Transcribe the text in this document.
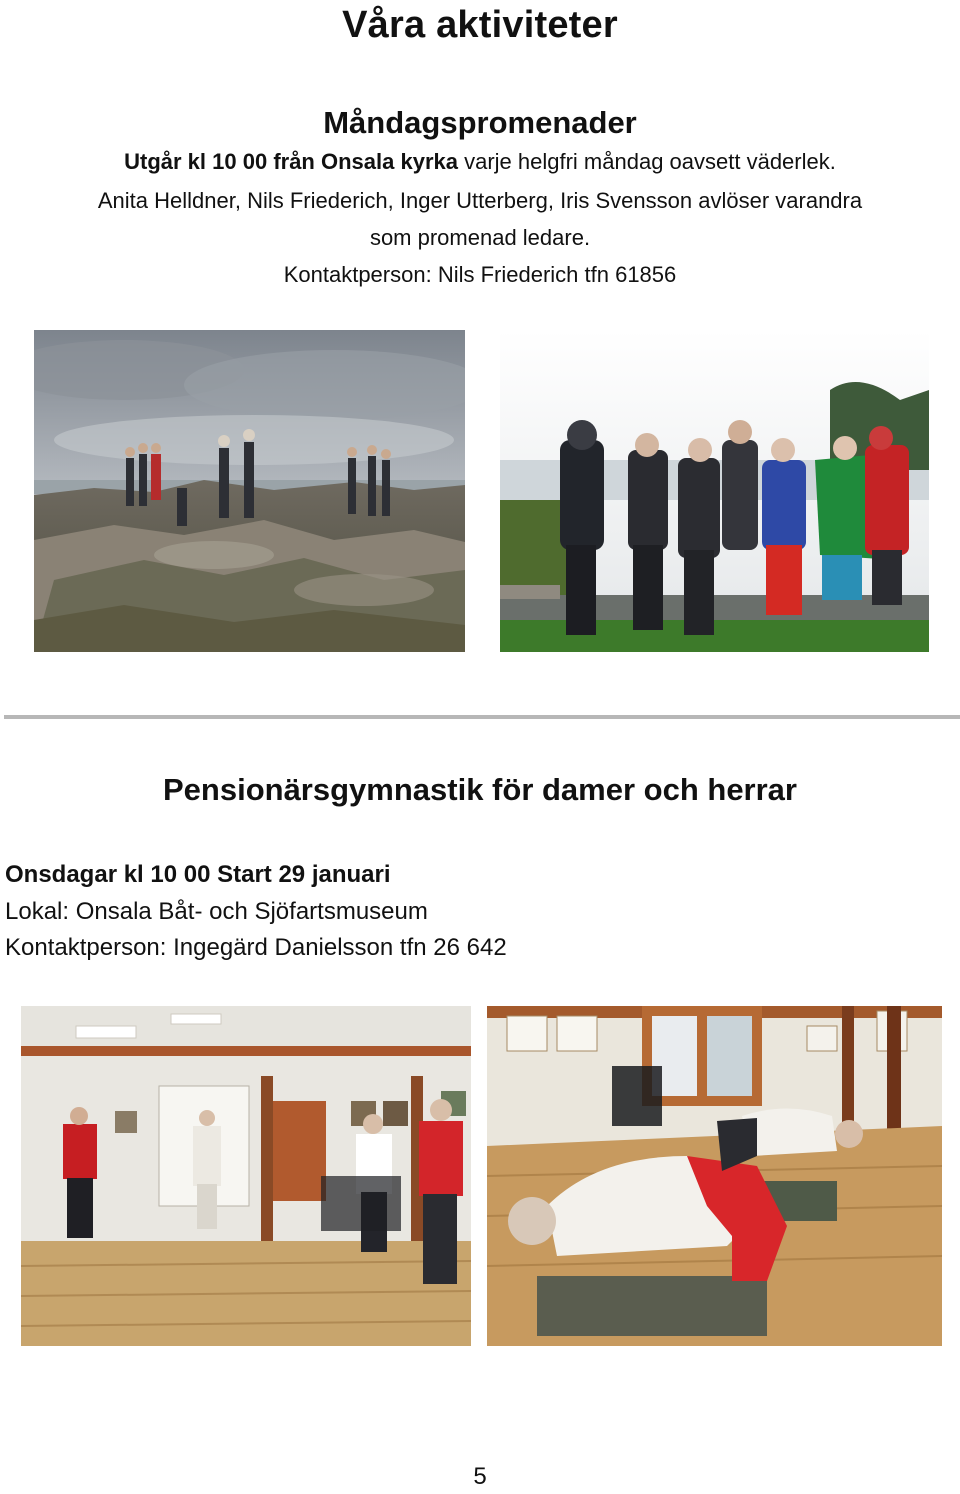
Våra aktiviteter
Måndagspromenader
Utgår kl 10 00 från Onsala kyrka varje helgfri måndag oavsett väderlek.
Anita Helldner, Nils Friederich, Inger Utterberg, Iris Svensson avlöser varandra
som promenad ledare.
Kontaktperson: Nils Friederich tfn 61856
Pensionärsgymnastik för damer och herrar
Onsdagar kl 10 00 Start 29 januari
Lokal: Onsala Båt- och Sjöfartsmuseum
Kontaktperson: Ingegärd Danielsson tfn 26 642
5
